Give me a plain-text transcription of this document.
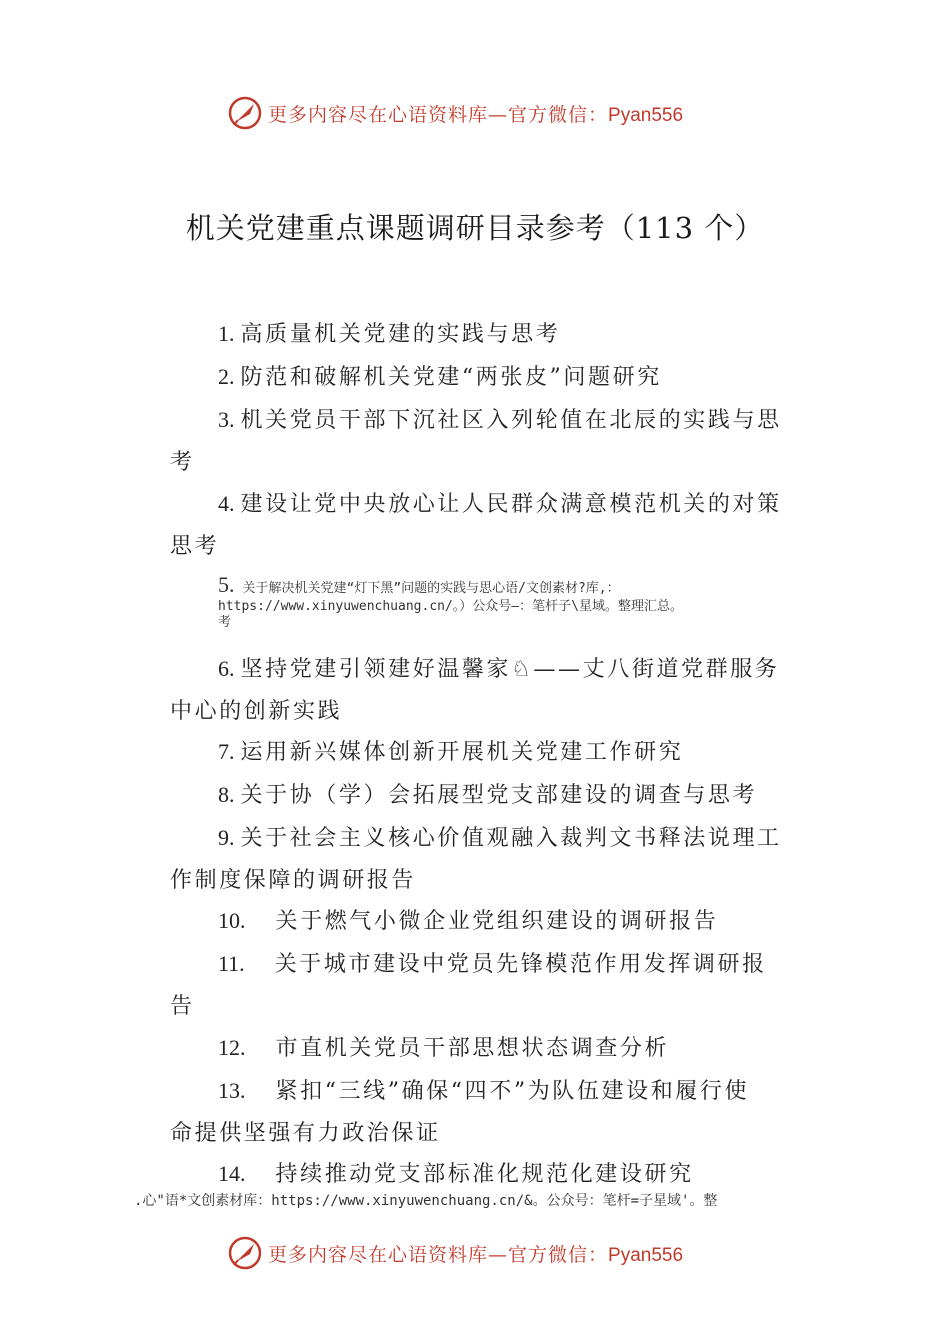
更多内容尽在心语资料库—官方微信：Pyan556
机关党建重点课题调研目录参考（113 个）
1. 高质量机关党建的实践与思考
2. 防范和破解机关党建“两张皮”问题研究
3. 机关党员干部下沉社区入列轮值在北辰的实践与思
考
4. 建设让党中央放心让人民群众满意模范机关的对策
思考
5. 关于解决机关党建“灯下黑”问题的实践与思心语/文创素材?库,：
https://www.xinyuwenchuang.cn/。）公众号—：笔杆子\星域。整理汇总。
考
6. 坚持党建引领建好温馨家♘——丈八街道党群服务
中心的创新实践
7. 运用新兴媒体创新开展机关党建工作研究
8. 关于协（学）会拓展型党支部建设的调查与思考
9. 关于社会主义核心价值观融入裁判文书释法说理工
作制度保障的调研报告
10. 关于燃气小微企业党组织建设的调研报告
11. 关于城市建设中党员先锋模范作用发挥调研报
告
12. 市直机关党员干部思想状态调查分析
13. 紧扣“三线”确保“四不”为队伍建设和履行使
命提供坚强有力政治保证
14. 持续推动党支部标准化规范化建设研究
.心"语*文创素材库：https://www.xinyuwenchuang.cn/&。公众号：笔杆=子星域'。整
更多内容尽在心语资料库—官方微信：Pyan556
